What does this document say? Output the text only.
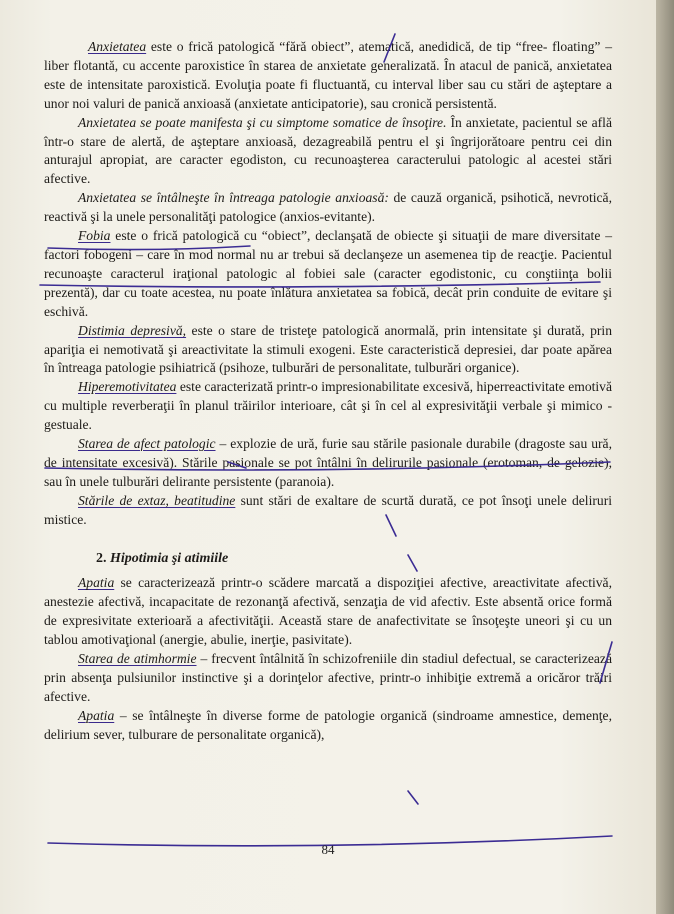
Anxietatea este o frică patologică “fără obiect”, atematică, anedidică, de tip “free- floating” – liber flotantă, cu accente paroxistice în starea de anxietate generalizată. În atacul de panică, anxietatea este de intensitate paroxistică. Evoluţia poate fi fluctuantă, cu interval liber sau cu stări de aşteptare a unor noi valuri de panică anxioasă (anxietate anticipatorie), sau cronică persistentă.

Anxietatea se poate manifesta şi cu simptome somatice de însoţire. În anxietate, pacientul se află într-o stare de alertă, de aşteptare anxioasă, dezagreabilă pentru el şi îngrijorătoare pentru cei din anturajul apropiat, are caracter egodiston, cu recunoaşterea caracterului patologic al acestei stări afective.

Anxietatea se întâlneşte în întreaga patologie anxioasă: de cauză organică, psihotică, nevrotică, reactivă şi la unele personalităţi patologice (anxios-evitante).

Fobia este o frică patologică cu “obiect”, declanşată de obiecte şi situaţii de mare diversitate – factori fobogeni – care în mod normal nu ar trebui să declanşeze un asemenea tip de reacţie. Pacientul recunoaşte caracterul iraţional patologic al fobiei sale (caracter egodistonic, cu conştiinţa bolii prezentă), dar cu toate acestea, nu poate înlătura anxietatea sa fobică, decât prin conduite de evitare şi eschivă.

Distimia depresivă, este o stare de tristeţe patologică anormală, prin intensitate şi durată, prin apariţia ei nemotivată şi areactivitate la stimuli exogeni. Este caracteristică depresiei, dar poate apărea în întreaga patologie psihiatrică (psihoze, tulburări de personalitate, tulburări organice).

Hiperemotivitatea este caracterizată printr-o impresionabilitate excesivă, hiperreactivitate emotivă cu multiple reverberaţii în planul trăirilor interioare, cât şi în cel al expresivităţii verbale şi mimico - gestuale.

Starea de afect patologic – explozie de ură, furie sau stările pasionale durabile (dragoste sau ură, de intensitate excesivă). Stările pasionale se pot întâlni în delirurile pasionale (erotoman, de gelozie), sau în unele tulburări delirante persistente (paranoia).

Stările de extaz, beatitudine sunt stări de exaltare de scurtă durată, ce pot însoţi unele deliruri mistice.

2. Hipotimia şi atimiile

Apatia se caracterizează printr-o scădere marcată a dispoziţiei afective, areactivitate afectivă, anestezie afectivă, incapacitate de rezonanţă afectivă, senzaţia de vid afectiv. Este absentă orice formă de expresivitate exterioară a afectivităţii. Această stare de anafectivitate se însoţeşte uneori şi cu un tablou amotivaţional (anergie, abulie, inerţie, pasivitate).

Starea de atimhormie – frecvent întâlnită în schizofreniile din stadiul defectual, se caracterizează prin absenţa pulsiunilor instinctive şi a dorinţelor afective, printr-o inhibiţie extremă a oricăror trăiri afective.

Apatia – se întâlneşte în diverse forme de patologie organică (sindroame amnestice, demenţe, delirium sever, tulburare de personalitate organică),

84
